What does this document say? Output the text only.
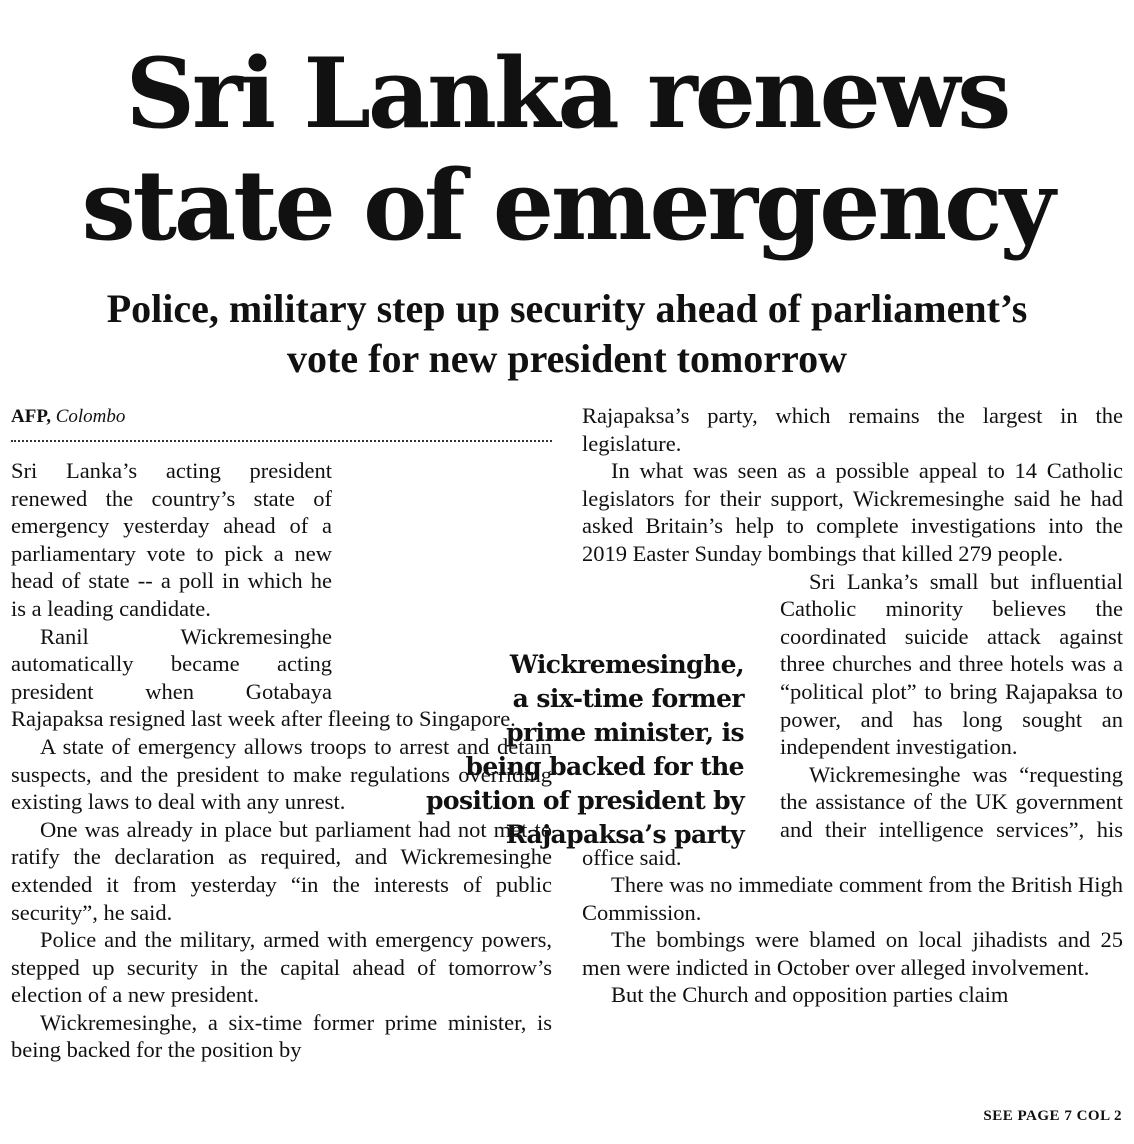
Sri Lanka renews
state of emergency
Police, military step up security ahead of parliament’s
vote for new president tomorrow
AFP, Colombo

Sri Lanka’s acting president renewed the country’s state of emergency yesterday ahead of a parliamentary vote to pick a new head of state -- a poll in which he is a leading candidate.

Ranil Wickremesinghe automatically became acting president when Gotabaya Rajapaksa resigned last week after fleeing to Singapore.

A state of emergency allows troops to arrest and detain suspects, and the president to make regulations overriding existing laws to deal with any unrest.

One was already in place but parliament had not met to ratify the declaration as required, and Wickremesinghe extended it from yesterday “in the interests of public security”, he said.

Police and the military, armed with emergency powers, stepped up security in the capital ahead of tomorrow’s election of a new president.

Wickremesinghe, a six-time former prime minister, is being backed for the position by

Rajapaksa’s party, which remains the largest in the legislature.

In what was seen as a possible appeal to 14 Catholic legislators for their support, Wickremesinghe said he had asked Britain’s help to complete investigations into the 2019 Easter Sunday bombings that killed 279 people.

Sri Lanka’s small but influential Catholic minority believes the coordinated suicide attack against three churches and three hotels was a “political plot” to bring Rajapaksa to power, and has long sought an independent investigation.

Wickremesinghe was “requesting the assistance of the UK government and their intelligence services”, his office said.

There was no immediate comment from the British High Commission.

The bombings were blamed on local jihadists and 25 men were indicted in October over alleged involvement.

But the Church and opposition parties claim

Wickremesinghe,
a six-time former
prime minister, is
being backed for the
position of president by
Rajapaksa’s party
SEE PAGE 7 COL 2
